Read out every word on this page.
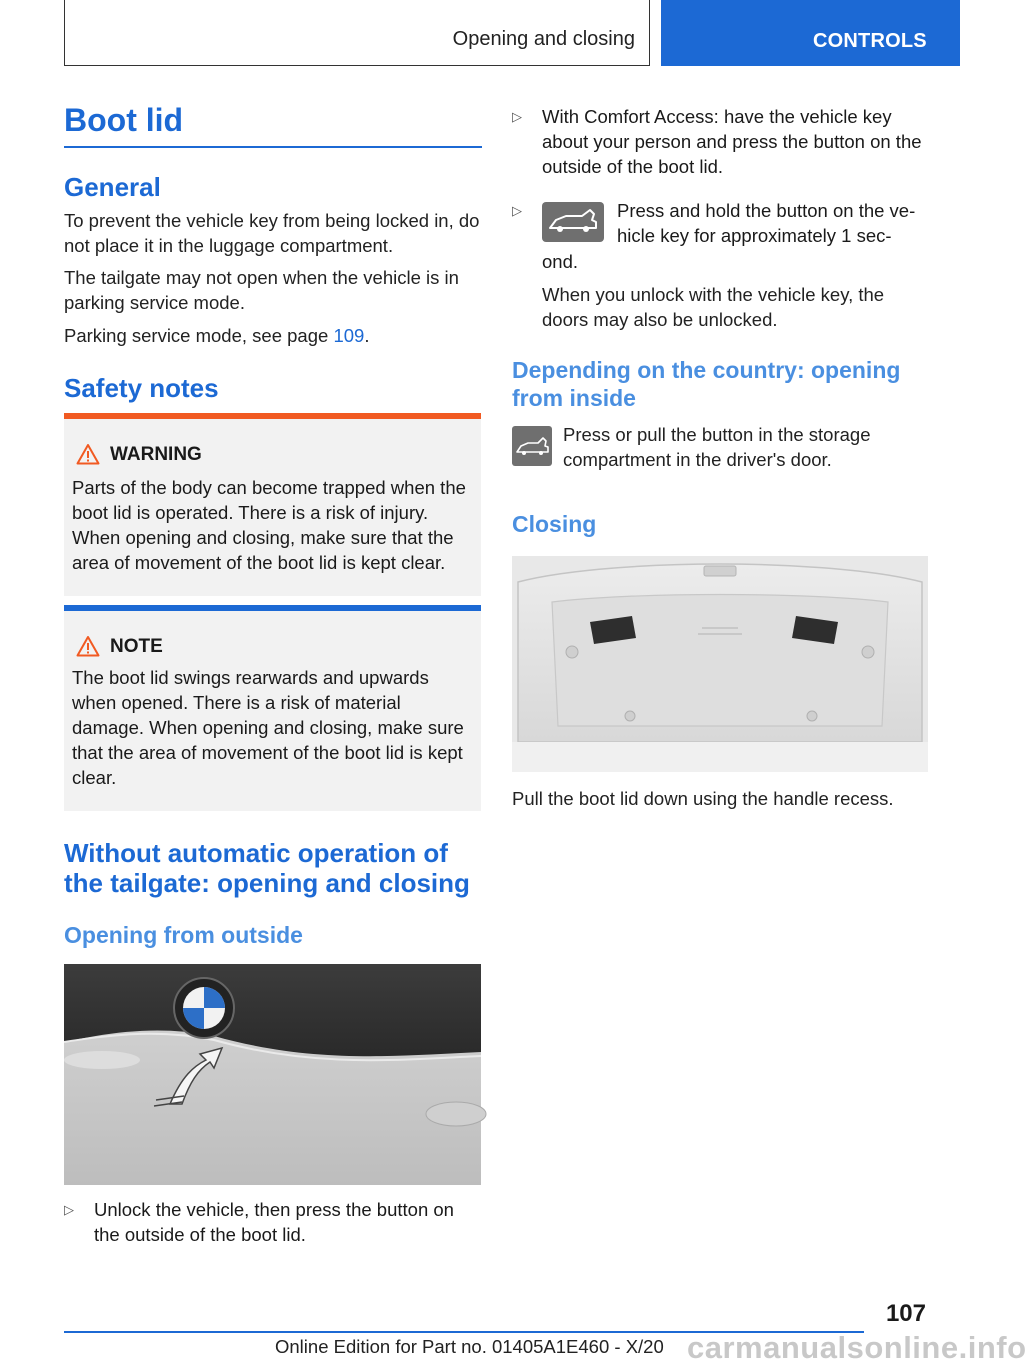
Opening and closing	CONTROLS
Boot lid
General
To prevent the vehicle key from being locked in, do not place it in the luggage compartment.
The tailgate may not open when the vehicle is in parking service mode.
Parking service mode, see page 109.
Safety notes
WARNING
Parts of the body can become trapped when the boot lid is operated. There is a risk of injury. When opening and closing, make sure that the area of movement of the boot lid is kept clear.
NOTE
The boot lid swings rearwards and upwards when opened. There is a risk of material damage. When opening and closing, make sure that the area of movement of the boot lid is kept clear.
Without automatic operation of the tailgate: opening and closing
Opening from outside
▷ Unlock the vehicle, then press the button on the outside of the boot lid.
▷ With Comfort Access: have the vehicle key about your person and press the button on the outside of the boot lid.
▷	Press and hold the button on the ve-
hicle key for approximately 1 sec-
ond.
When you unlock with the vehicle key, the doors may also be unlocked.
Depending on the country: opening from inside
Press or pull the button in the storage compartment in the driver's door.
Closing
Pull the boot lid down using the handle recess.
107
Online Edition for Part no. 01405A1E460 - X/20 carmanualsonline.info
